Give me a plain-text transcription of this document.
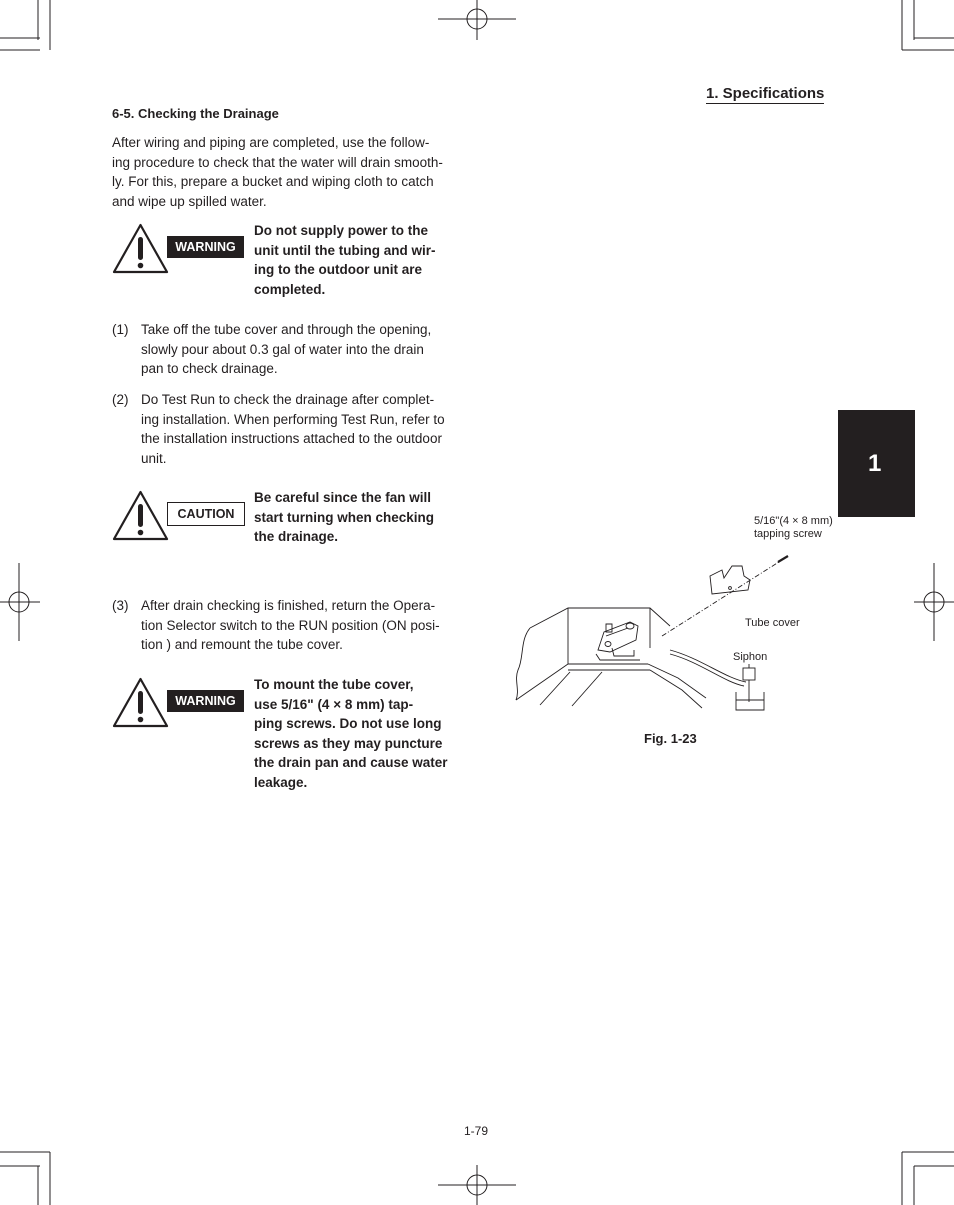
1. Specifications
1
6-5. Checking the Drainage
After wiring and piping are completed, use the follow-
ing procedure to check that the water will drain smooth-
ly. For this, prepare a bucket and wiping cloth to catch
and wipe up spilled water.
WARNING
Do not supply power to the
unit until the tubing and wir-
ing to the outdoor unit are
completed.
(1) Take off the tube cover and through the opening,
slowly pour about 0.3 gal of water into the drain
pan to check drainage.
(2) Do Test Run to check the drainage after complet-
ing installation. When performing Test Run, refer to
the installation instructions attached to the outdoor
unit.
CAUTION
Be careful since the fan will
start turning when checking
the drainage.
(3) After drain checking is finished, return the Opera-
tion Selector switch to the RUN position (ON posi-
tion ) and remount the tube cover.
WARNING
To mount the tube cover,
use 5/16" (4 × 8 mm) tap-
ping screws. Do not use long
screws as they may puncture
the drain pan and cause water
leakage.
5/16"(4 × 8 mm)
tapping screw
Tube cover
Siphon
Fig. 1-23
1-79
